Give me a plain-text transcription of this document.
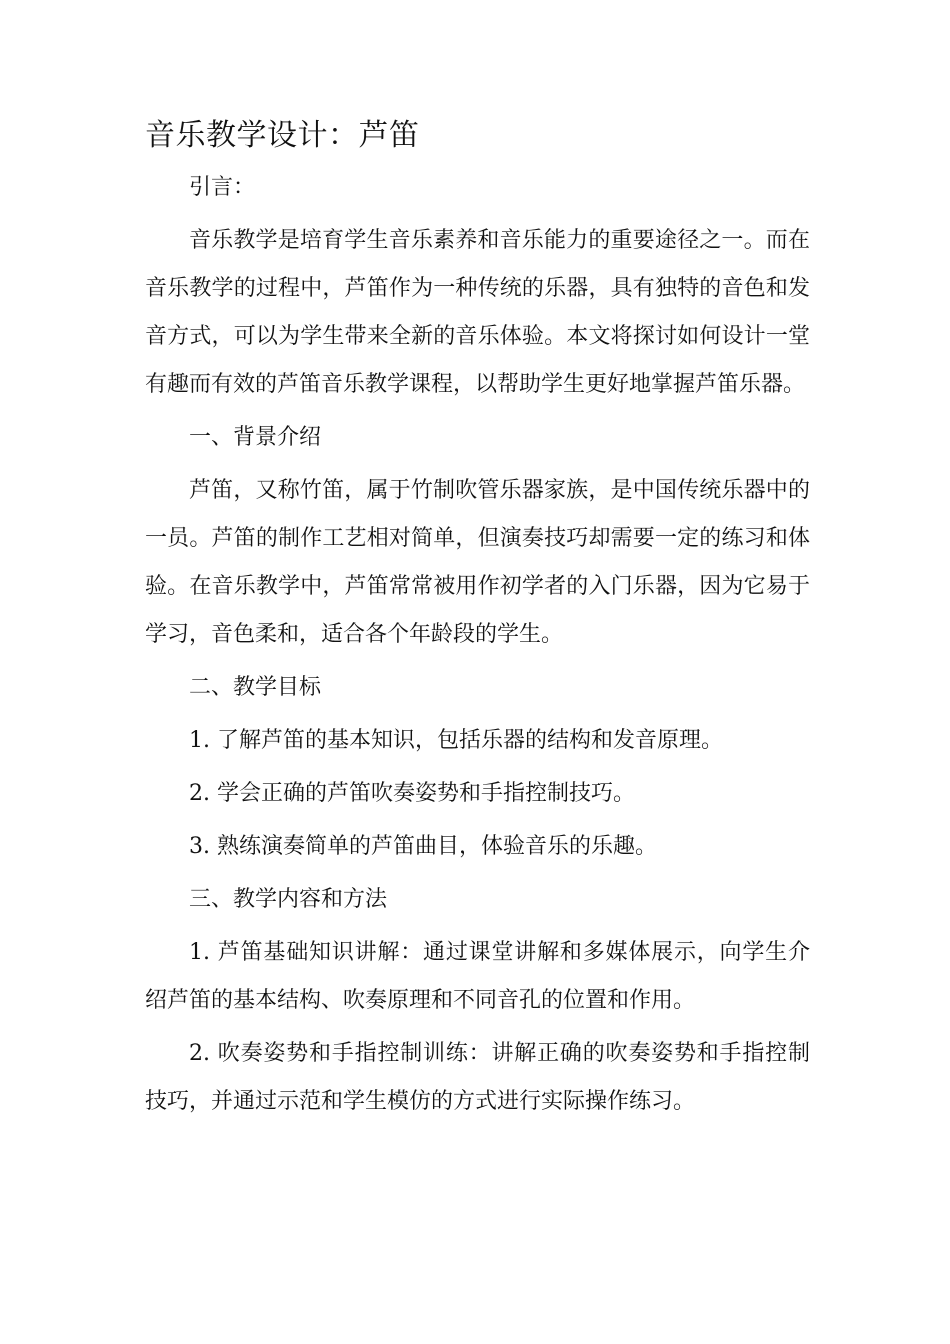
音乐教学设计：芦笛
引言：
音乐教学是培育学生音乐素养和音乐能力的重要途径之一。而在音乐教学的过程中，芦笛作为一种传统的乐器，具有独特的音色和发音方式，可以为学生带来全新的音乐体验。本文将探讨如何设计一堂有趣而有效的芦笛音乐教学课程，以帮助学生更好地掌握芦笛乐器。
一、背景介绍
芦笛，又称竹笛，属于竹制吹管乐器家族，是中国传统乐器中的一员。芦笛的制作工艺相对简单，但演奏技巧却需要一定的练习和体验。在音乐教学中，芦笛常常被用作初学者的入门乐器，因为它易于学习，音色柔和，适合各个年龄段的学生。
二、教学目标
1. 了解芦笛的基本知识，包括乐器的结构和发音原理。
2. 学会正确的芦笛吹奏姿势和手指控制技巧。
3. 熟练演奏简单的芦笛曲目，体验音乐的乐趣。
三、教学内容和方法
1. 芦笛基础知识讲解：通过课堂讲解和多媒体展示，向学生介绍芦笛的基本结构、吹奏原理和不同音孔的位置和作用。
2. 吹奏姿势和手指控制训练：讲解正确的吹奏姿势和手指控制技巧，并通过示范和学生模仿的方式进行实际操作练习。
